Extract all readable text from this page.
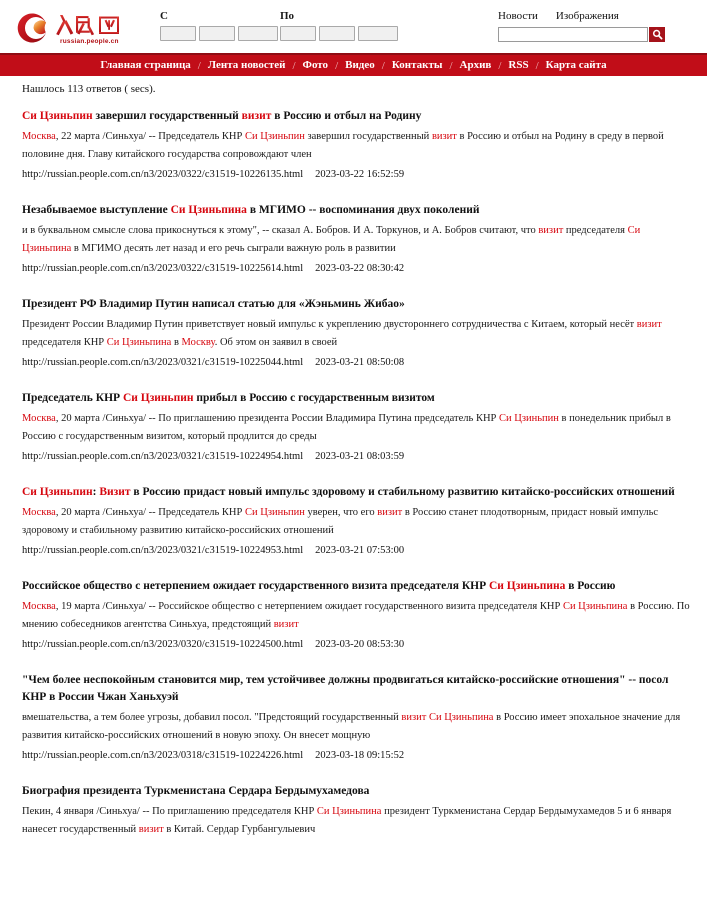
russian.people.cn
С	По	Новости Изображения
Главная страница / Лента новостей / Фото / Видео / Контакты / Архив / RSS / Карта сайта
Нашлось 113 ответов ( secs).
Си Цзиньпин завершил государственный визит в Россию и отбыл на Родину
Москва, 22 марта /Синьхуа/ -- Председатель КНР Си Цзиньпин завершил государственный визит в Россию и отбыл на Родину в среду в первой половине дня. Главу китайского государства сопровождают член
http://russian.people.com.cn/n3/2023/0322/c31519-10226135.html 2023-03-22 16:52:59
Незабываемое выступление Си Цзиньпина в МГИМО -- воспоминания двух поколений
и в буквальном смысле слова прикоснуться к этому", -- сказал А. Бобров. И А. Торкунов, и А. Бобров считают, что визит председателя Си Цзиньпина в МГИМО десять лет назад и его речь сыграли важную роль в развитии
http://russian.people.com.cn/n3/2023/0322/c31519-10225614.html 2023-03-22 08:30:42
Президент РФ Владимир Путин написал статью для «Жэньминь Жибао»
Президент России Владимир Путин приветствует новый импульс к укреплению двустороннего сотрудничества с Китаем, который несёт визит председателя КНР Си Цзиньпина в Москву. Об этом он заявил в своей
http://russian.people.com.cn/n3/2023/0321/c31519-10225044.html 2023-03-21 08:50:08
Председатель КНР Си Цзиньпин прибыл в Россию с государственным визитом
Москва, 20 марта /Синьхуа/ -- По приглашению президента России Владимира Путина председатель КНР Си Цзиньпин в понедельник прибыл в Россию с государственным визитом, который продлится до среды
http://russian.people.com.cn/n3/2023/0321/c31519-10224954.html 2023-03-21 08:03:59
Си Цзиньпин: Визит в Россию придаст новый импульс здоровому и стабильному развитию китайско-российских отношений
Москва, 20 марта /Синьхуа/ -- Председатель КНР Си Цзиньпин уверен, что его визит в Россию станет плодотворным, придаст новый импульс здоровому и стабильному развитию китайско-российских отношений
http://russian.people.com.cn/n3/2023/0321/c31519-10224953.html 2023-03-21 07:53:00
Российское общество с нетерпением ожидает государственного визита председателя КНР Си Цзиньпина в Россию
Москва, 19 марта /Синьхуа/ -- Российское общество с нетерпением ожидает государственного визита председателя КНР Си Цзиньпина в Россию. По мнению собеседников агентства Синьхуа, предстоящий визит
http://russian.people.com.cn/n3/2023/0320/c31519-10224500.html 2023-03-20 08:53:30
"Чем более неспокойным становится мир, тем устойчивее должны продвигаться китайско-российские отношения" -- посол КНР в России Чжан Ханьхуэй
вмешательства, а тем более угрозы, добавил посол. "Предстоящий государственный визит Си Цзиньпина в Россию имеет эпохальное значение для развития китайско-российских отношений в новую эпоху. Он внесет мощную
http://russian.people.com.cn/n3/2023/0318/c31519-10224226.html 2023-03-18 09:15:52
Биография президента Туркменистана Сердара Бердымухамедова
Пекин, 4 января /Синьхуа/ -- По приглашению председателя КНР Си Цзиньпина президент Туркменистана Сердар Бердымухамедов 5 и 6 января нанесет государственный визит в Китай. Сердар Гурбангулыевич
